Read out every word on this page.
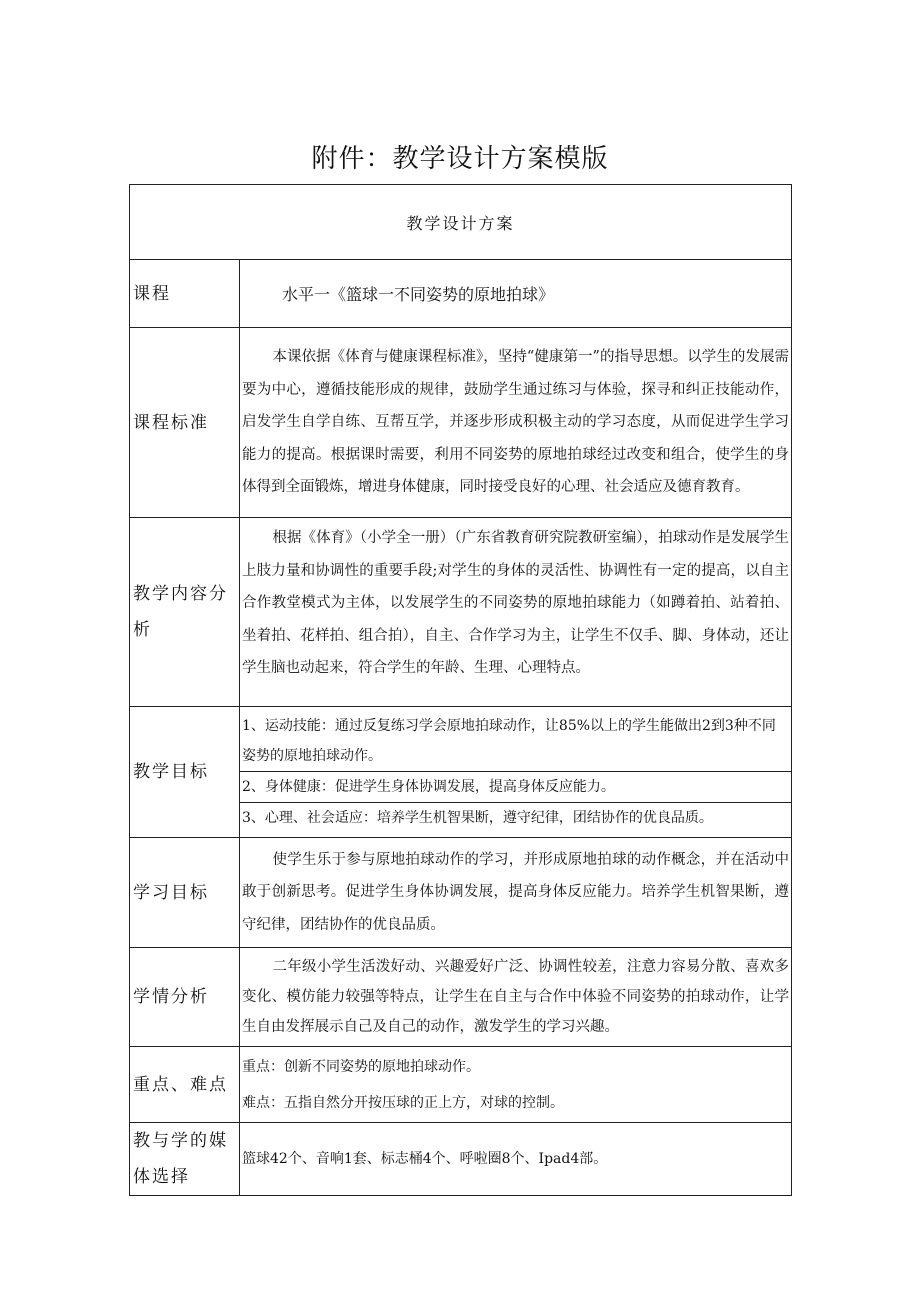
附件：教学设计方案模版
教学设计方案	
课程	水平一《篮球一不同姿势的原地拍球》
课程标准	本课依据《体育与健康课程标准》，坚持“健康第一”的指导思想。以学生的发展需要为中心，遵循技能形成的规律，鼓励学生通过练习与体验，探寻和纠正技能动作，启发学生自学自练、互帮互学，并逐步形成积极主动的学习态度，从而促进学生学习能力的提高。根据课时需要，利用不同姿势的原地拍球经过改变和组合，使学生的身体得到全面锻炼，增进身体健康，同时接受良好的心理、社会适应及德育教育。
教学内容分析	根据《体育》（小学全一册）（广东省教育研究院教研室编），拍球动作是发展学生上肢力量和协调性的重要手段;对学生的身体的灵活性、协调性有一定的提高，以自主合作教堂模式为主体，以发展学生的不同姿势的原地拍球能力（如蹲着拍、站着拍、坐着拍、花样拍、组合拍），自主、合作学习为主，让学生不仅手、脚、身体动，还让学生脑也动起来，符合学生的年龄、生理、心理特点。
教学目标	1、运动技能：通过反复练习学会原地拍球动作，让85%以上的学生能做出2到3种不同姿势的原地拍球动作。
2、身体健康：促进学生身体协调发展，提高身体反应能力。
3、心理、社会适应：培养学生机智果断，遵守纪律，团结协作的优良品质。

学习目标	使学生乐于参与原地拍球动作的学习，并形成原地拍球的动作概念，并在活动中敢于创新思考。促进学生身体协调发展，提高身体反应能力。培养学生机智果断，遵守纪律，团结协作的优良品质。
学情分析	二年级小学生活泼好动、兴趣爱好广泛、协调性较差，注意力容易分散、喜欢多变化、模仿能力较强等特点，让学生在自主与合作中体验不同姿势的拍球动作，让学生自由发挥展示自己及自己的动作，激发学生的学习兴趣。
重点、难点	重点：创新不同姿势的原地拍球动作。
难点：五指自然分开按压球的正上方，对球的控制。

教与学的媒体选择	篮球42个、音响1套、标志桶4个、呼啦圈8个、Ipad4部。
